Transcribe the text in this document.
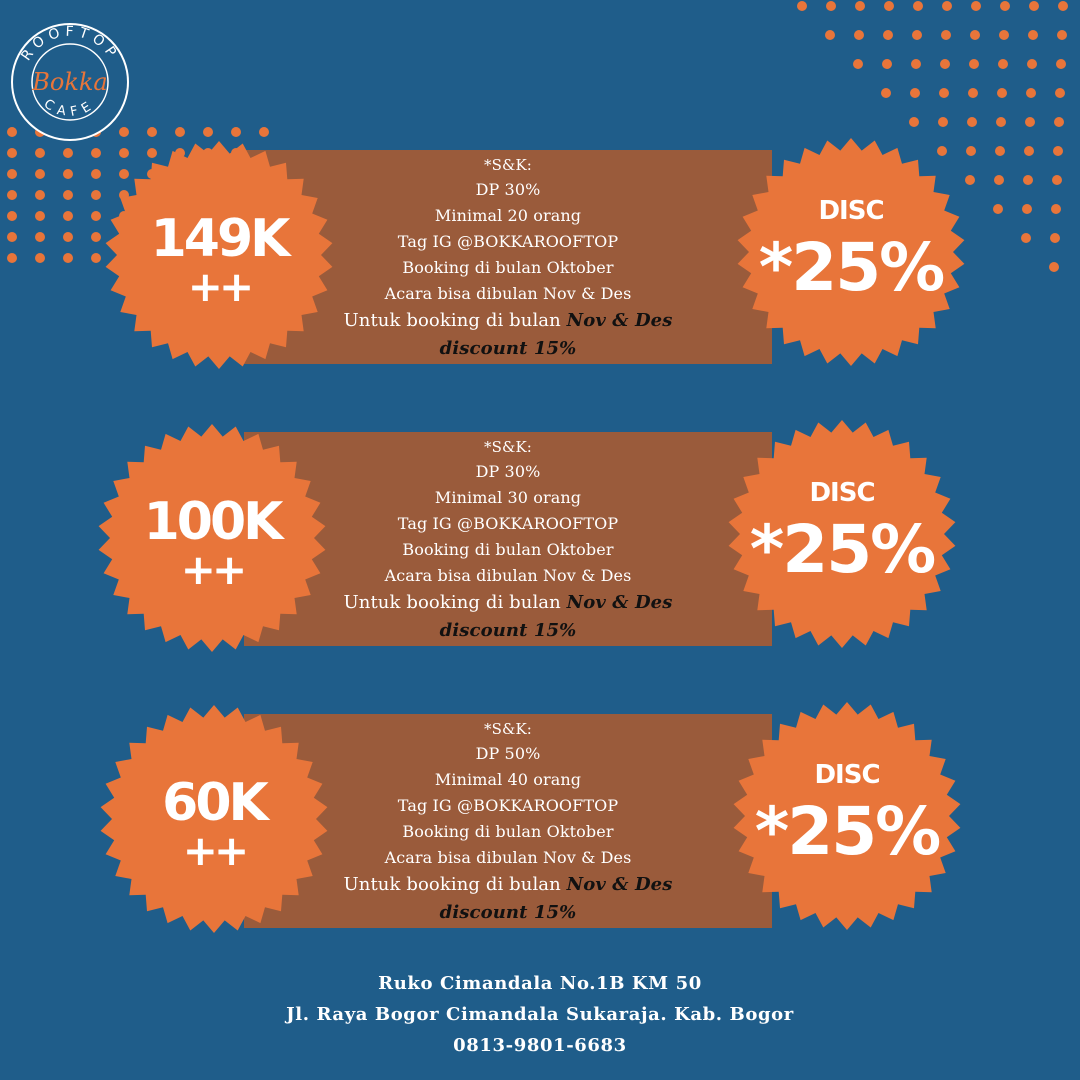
ROOFTOP
CAFE
Bokka
*S&K:
DP 30%
Minimal 20 orang
Tag IG @BOKKAROOFTOP
Booking di bulan Oktober
Acara bisa dibulan Nov & Des
Untuk booking di bulan Nov & Des
discount 15%
149K
++
DISC
*25%
*S&K:
DP 30%
Minimal 30 orang
Tag IG @BOKKAROOFTOP
Booking di bulan Oktober
Acara bisa dibulan Nov & Des
Untuk booking di bulan Nov & Des
discount 15%
100K
++
DISC
*25%
*S&K:
DP 50%
Minimal 40 orang
Tag IG @BOKKAROOFTOP
Booking di bulan Oktober
Acara bisa dibulan Nov & Des
Untuk booking di bulan Nov & Des
discount 15%
60K
++
DISC
*25%
Ruko Cimandala No.1B KM 50
Jl. Raya Bogor Cimandala Sukaraja. Kab. Bogor
0813-9801-6683
